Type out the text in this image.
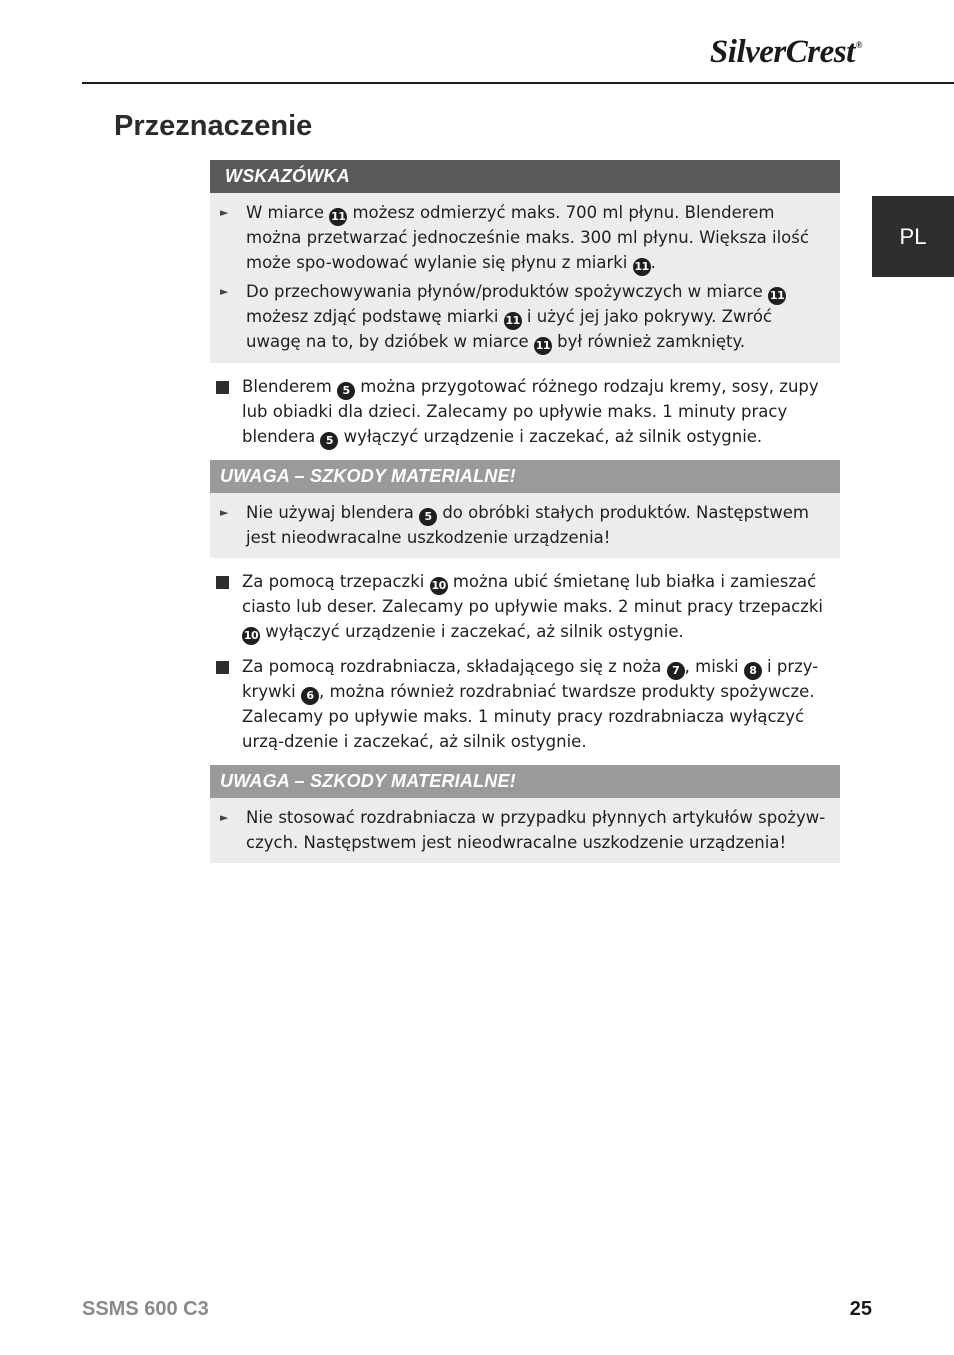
SilverCrest®
Przeznaczenie
PL
WSKAZÓWKA
►	W miarce 11 możesz odmierzyć maks. 700 ml płynu. Blenderem można przetwarzać jednocześnie maks. 300 ml płynu. Większa ilość może spo-wodować wylanie się płynu z miarki 11 .
►	Do przechowywania płynów/produktów spożywczych w miarce 11 możesz zdjąć podstawę miarki 11 i użyć jej jako pokrywy. Zwróć uwagę na to, by dzióbek w miarce 11 był również zamknięty.
Blenderem 5 można przygotować różnego rodzaju kremy, sosy, zupy lub obiadki dla dzieci. Zalecamy po upływie maks. 1 minuty pracy blendera 5 wyłączyć urządzenie i zaczekać, aż silnik ostygnie.
UWAGA – SZKODY MATERIALNE!
►	Nie używaj blendera 5 do obróbki stałych produktów. Następstwem jest nieodwracalne uszkodzenie urządzenia!
Za pomocą trzepaczki 10 można ubić śmietanę lub białka i zamieszać ciasto lub deser. Zalecamy po upływie maks. 2 minut pracy trzepaczki 10 wyłączyć urządzenie i zaczekać, aż silnik ostygnie.
Za pomocą rozdrabniacza, składającego się z noża 7 , miski 8 i przy-krywki 6 , można również rozdrabniać twardsze produkty spożywcze. Zalecamy po upływie maks. 1 minuty pracy rozdrabniacza wyłączyć urzą-dzenie i zaczekać, aż silnik ostygnie.
UWAGA – SZKODY MATERIALNE!
►	Nie stosować rozdrabniacza w przypadku płynnych artykułów spożyw-czych. Następstwem jest nieodwracalne uszkodzenie urządzenia!
SSMS 600 C3	25
